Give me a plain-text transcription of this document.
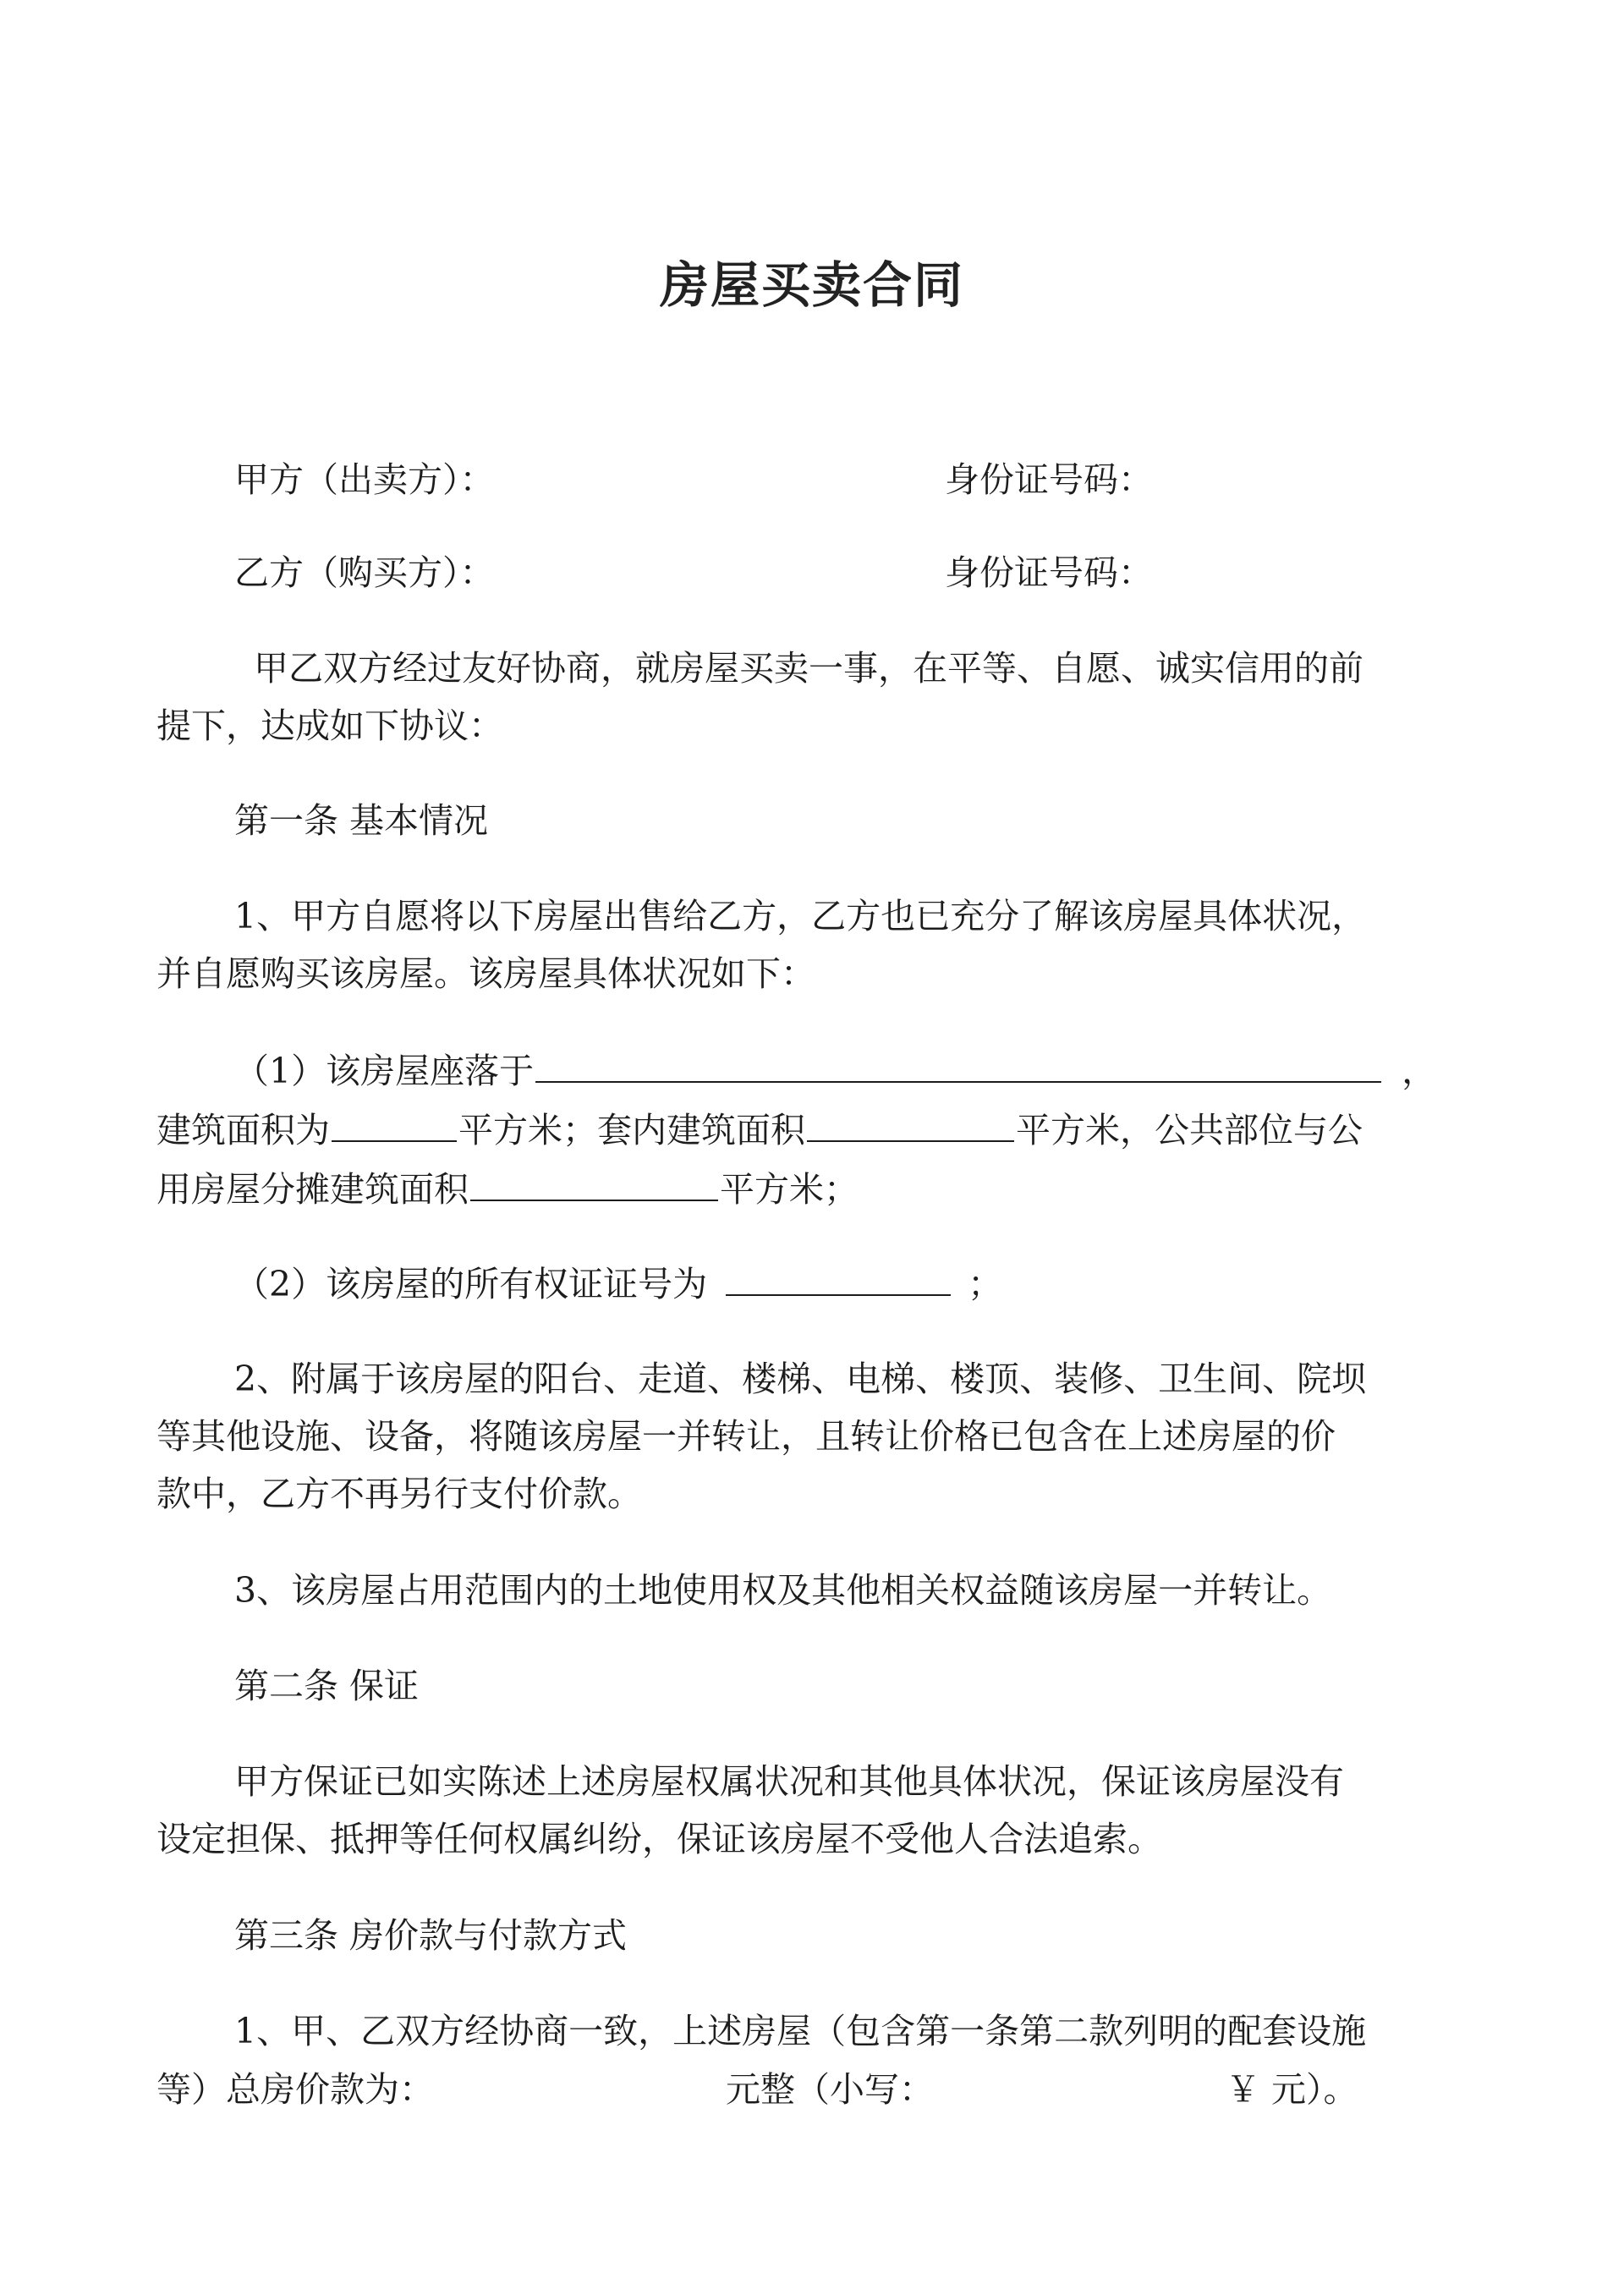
房屋买卖合同
甲方（出卖方）：	身份证号码：
乙方（购买方）：	身份证号码：
甲乙双方经过友好协商，就房屋买卖一事，在平等、自愿、诚实信用的前
提下，达成如下协议：
第一条 基本情况
1、甲方自愿将以下房屋出售给乙方，乙方也已充分了解该房屋具体状况，
并自愿购买该房屋。该房屋具体状况如下：
（1）该房屋座落于	，
建筑面积为	平方米；套内建筑面积	平方米，公共部位与公
用房屋分摊建筑面积	平方米；
（2）该房屋的所有权证证号为	；
2、附属于该房屋的阳台、走道、楼梯、电梯、楼顶、装修、卫生间、院坝
等其他设施、设备，将随该房屋一并转让，且转让价格已包含在上述房屋的价
款中，乙方不再另行支付价款。
3、该房屋占用范围内的土地使用权及其他相关权益随该房屋一并转让。
第二条 保证
甲方保证已如实陈述上述房屋权属状况和其他具体状况，保证该房屋没有
设定担保、抵押等任何权属纠纷，保证该房屋不受他人合法追索。
第三条 房价款与付款方式
1、甲、乙双方经协商一致，上述房屋（包含第一条第二款列明的配套设施
等）总房价款为：	元整（小写：	￥ 元）。
